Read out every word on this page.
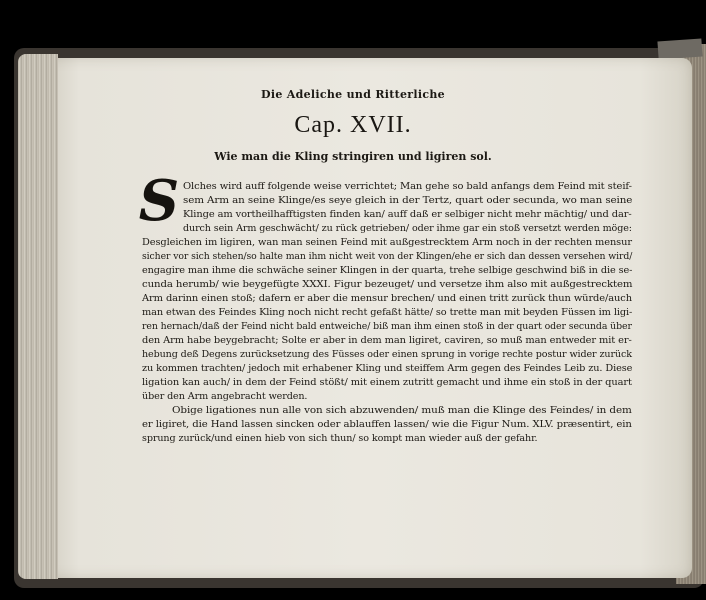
Die Adeliche und Ritterliche
Cap. XVII.
Wie man die Kling stringiren und ligiren sol.
S Olches wird auff folgende weise verrichtet; Man gehe so bald anfangs dem Feind mit steif-
sem Arm an seine Klinge/es seye gleich in der Tertz, quart oder secunda, wo man seine
Klinge am vortheilhafftigsten finden kan/ auff daß er selbiger nicht mehr mächtig/ und dar-
durch sein Arm geschwächt/ zu rück getrieben/ oder ihme gar ein stoß versetzt werden möge:
Desgleichen im ligiren, wan man seinen Feind mit außgestrecktem Arm noch in der rechten mensur
sicher vor sich stehen/so halte man ihm nicht weit von der Klingen/ehe er sich dan dessen versehen wird/
engagire man ihme die schwäche seiner Klingen in der quarta, trehe selbige geschwind biß in die se-
cunda herumb/ wie beygefügte XXXI. Figur bezeuget/ und versetze ihm also mit außgestrecktem
Arm darinn einen stoß; dafern er aber die mensur brechen/ und einen tritt zurück thun würde/auch
man etwan des Feindes Kling noch nicht recht gefaßt hätte/ so trette man mit beyden Füssen im ligi-
ren hernach/daß der Feind nicht bald entweiche/ biß man ihm einen stoß in der quart oder secunda über
den Arm habe beygebracht; Solte er aber in dem man ligiret, caviren, so muß man entweder mit er-
hebung deß Degens zurücksetzung des Füsses oder einen sprung in vorige rechte postur wider zurück
zu kommen trachten/ jedoch mit erhabener Kling und steiffem Arm gegen des Feindes Leib zu. Diese
ligation kan auch/ in dem der Feind stößt/ mit einem zutritt gemacht und ihme ein stoß in der quart
über den Arm angebracht werden.
Obige ligationes nun alle von sich abzuwenden/ muß man die Klinge des Feindes/ in dem
er ligiret, die Hand lassen sincken oder ablauffen lassen/ wie die Figur Num. XLV. præsentirt, ein
sprung zurück/und einen hieb von sich thun/ so kompt man wieder auß der gefahr.
